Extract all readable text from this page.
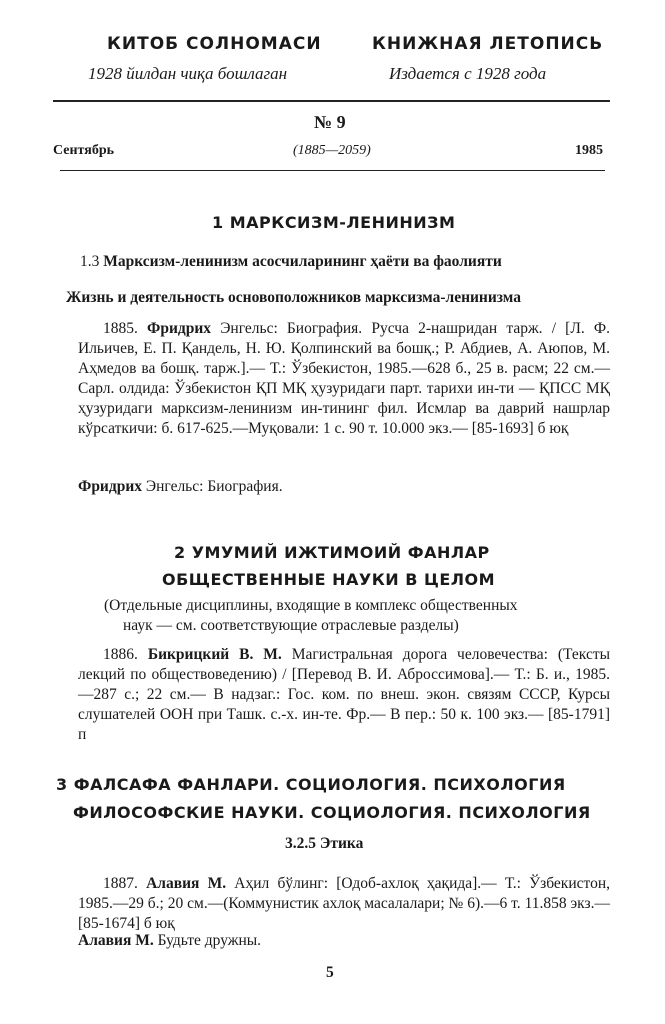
КИТОБ СОЛНОМАСИ
1928 йилдан чиқа бошлаган
КНИЖНАЯ ЛЕТОПИСЬ
Издается с 1928 года
№ 9
Сентябрь	(1885—2059)	1985
1 МАРКСИЗМ-ЛЕНИНИЗМ
1.3 Марксизм-ленинизм асосчиларининг ҳаёти ва фаолияти
Жизнь и деятельность основоположников марксизма-ленинизма
1885. Фридрих Энгельс: Биография. Русча 2-нашридан тарж. / [Л. Ф. Ильичев, Е. П. Қандель, Н. Ю. Қолпинский ва бошқ.; Р. Абдиев, А. Аюпов, М. Аҳмедов ва бошқ. тарж.].— Т.: Ўзбекистон, 1985.—628 б., 25 в. расм; 22 см.— Сарл. олдида: Ўзбекистон ҚП МҚ ҳузуридаги парт. тарихи ин-ти — ҚПСС МҚ ҳузуридаги марксизм-ленинизм ин-тининг фил. Исмлар ва даврий нашрлар кўрсаткичи: б. 617-625.—Муқовали: 1 с. 90 т. 10.000 экз.— [85-1693] б юқ
Фридрих Энгельс: Биография.
2 УМУМИЙ ИЖТИМОИЙ ФАНЛАР
ОБЩЕСТВЕННЫЕ НАУКИ В ЦЕЛОМ
(Отдельные дисциплины, входящие в комплекс общественных
наук — см. соответствующие отраслевые разделы)
1886. Бикрицкий В. М. Магистральная дорога человечества: (Тексты лекций по обществоведению) / [Перевод В. И. Аброссимова].— Т.: Б. и., 1985.—287 с.; 22 см.— В надзаг.: Гос. ком. по внеш. экон. связям СССР, Курсы слушателей ООН при Ташк. с.-х. ин-те. Фр.— В пер.: 50 к. 100 экз.— [85-1791] п
3 ФАЛСАФА ФАНЛАРИ. СОЦИОЛОГИЯ. ПСИХОЛОГИЯ
ФИЛОСОФСКИЕ НАУКИ. СОЦИОЛОГИЯ. ПСИХОЛОГИЯ
3.2.5 Этика
1887. Алавия М. Аҳил бўлинг: [Одоб-ахлоқ ҳақида].— Т.: Ўзбекистон, 1985.—29 б.; 20 см.—(Коммунистик ахлоқ масалалари; № 6).—6 т. 11.858 экз.— [85-1674] б юқ
Алавия М. Будьте дружны.
5
